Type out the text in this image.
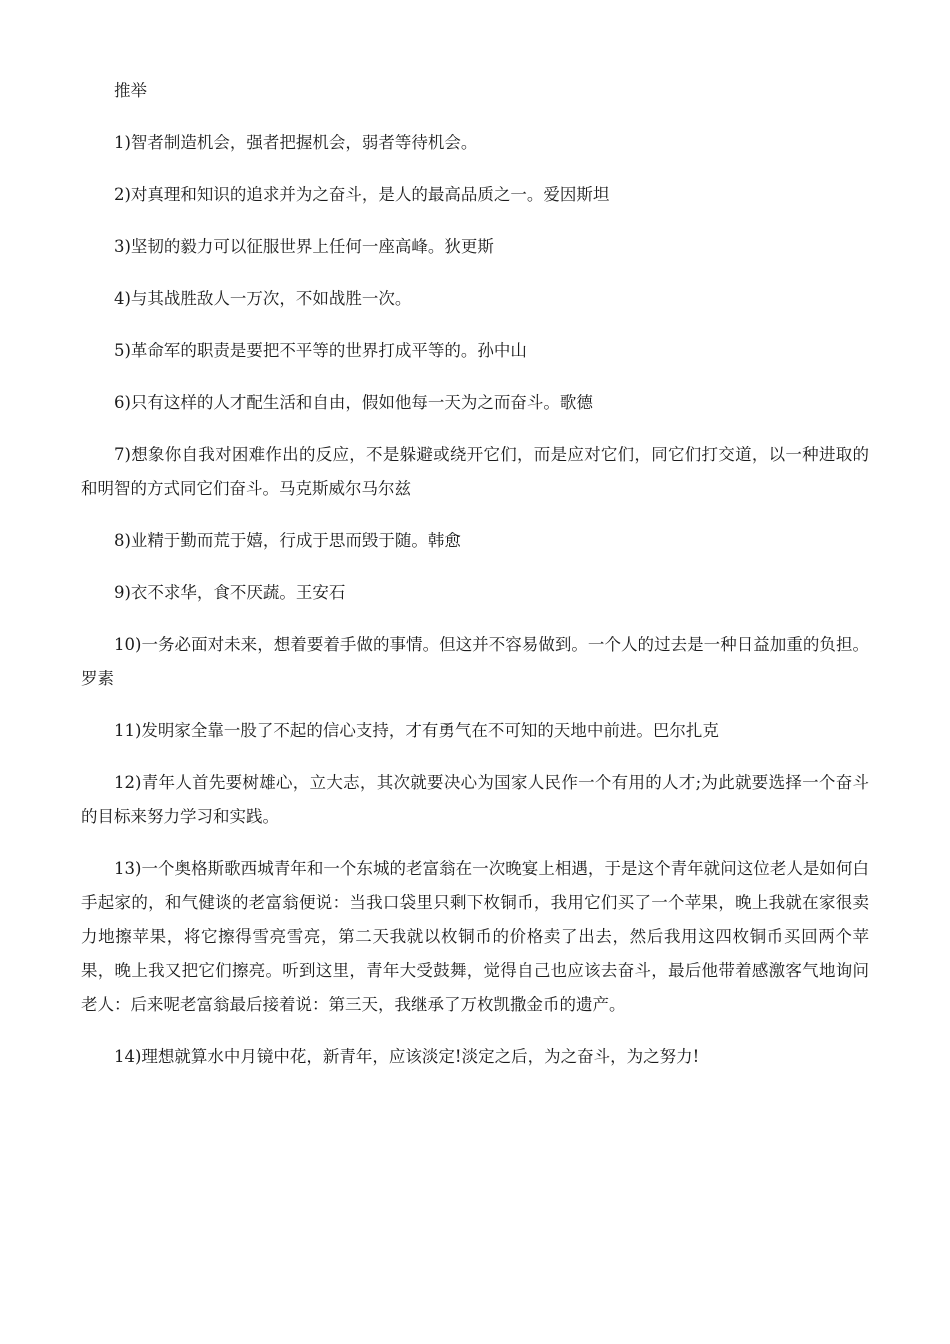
推举

1)智者制造机会，强者把握机会，弱者等待机会。

2)对真理和知识的追求并为之奋斗，是人的最高品质之一。爱因斯坦

3)坚韧的毅力可以征服世界上任何一座高峰。狄更斯

4)与其战胜敌人一万次，不如战胜一次。

5)革命军的职责是要把不平等的世界打成平等的。孙中山

6)只有这样的人才配生活和自由，假如他每一天为之而奋斗。歌德

7)想象你自我对困难作出的反应，不是躲避或绕开它们，而是应对它们，同它们打交道，以一种进取的和明智的方式同它们奋斗。马克斯威尔马尔兹

8)业精于勤而荒于嬉，行成于思而毁于随。韩愈

9)衣不求华，食不厌蔬。王安石

10)一务必面对未来，想着要着手做的事情。但这并不容易做到。一个人的过去是一种日益加重的负担。罗素

11)发明家全靠一股了不起的信心支持，才有勇气在不可知的天地中前进。巴尔扎克

12)青年人首先要树雄心，立大志，其次就要决心为国家人民作一个有用的人才;为此就要选择一个奋斗的目标来努力学习和实践。

13)一个奥格斯歌西城青年和一个东城的老富翁在一次晚宴上相遇，于是这个青年就问这位老人是如何白手起家的，和气健谈的老富翁便说：当我口袋里只剩下枚铜币，我用它们买了一个苹果，晚上我就在家很卖力地擦苹果，将它擦得雪亮雪亮，第二天我就以枚铜币的价格卖了出去，然后我用这四枚铜币买回两个苹果，晚上我又把它们擦亮。听到这里，青年大受鼓舞，觉得自己也应该去奋斗，最后他带着感激客气地询问老人：后来呢老富翁最后接着说：第三天，我继承了万枚凯撒金币的遗产。

14)理想就算水中月镜中花，新青年，应该淡定!淡定之后，为之奋斗，为之努力!
